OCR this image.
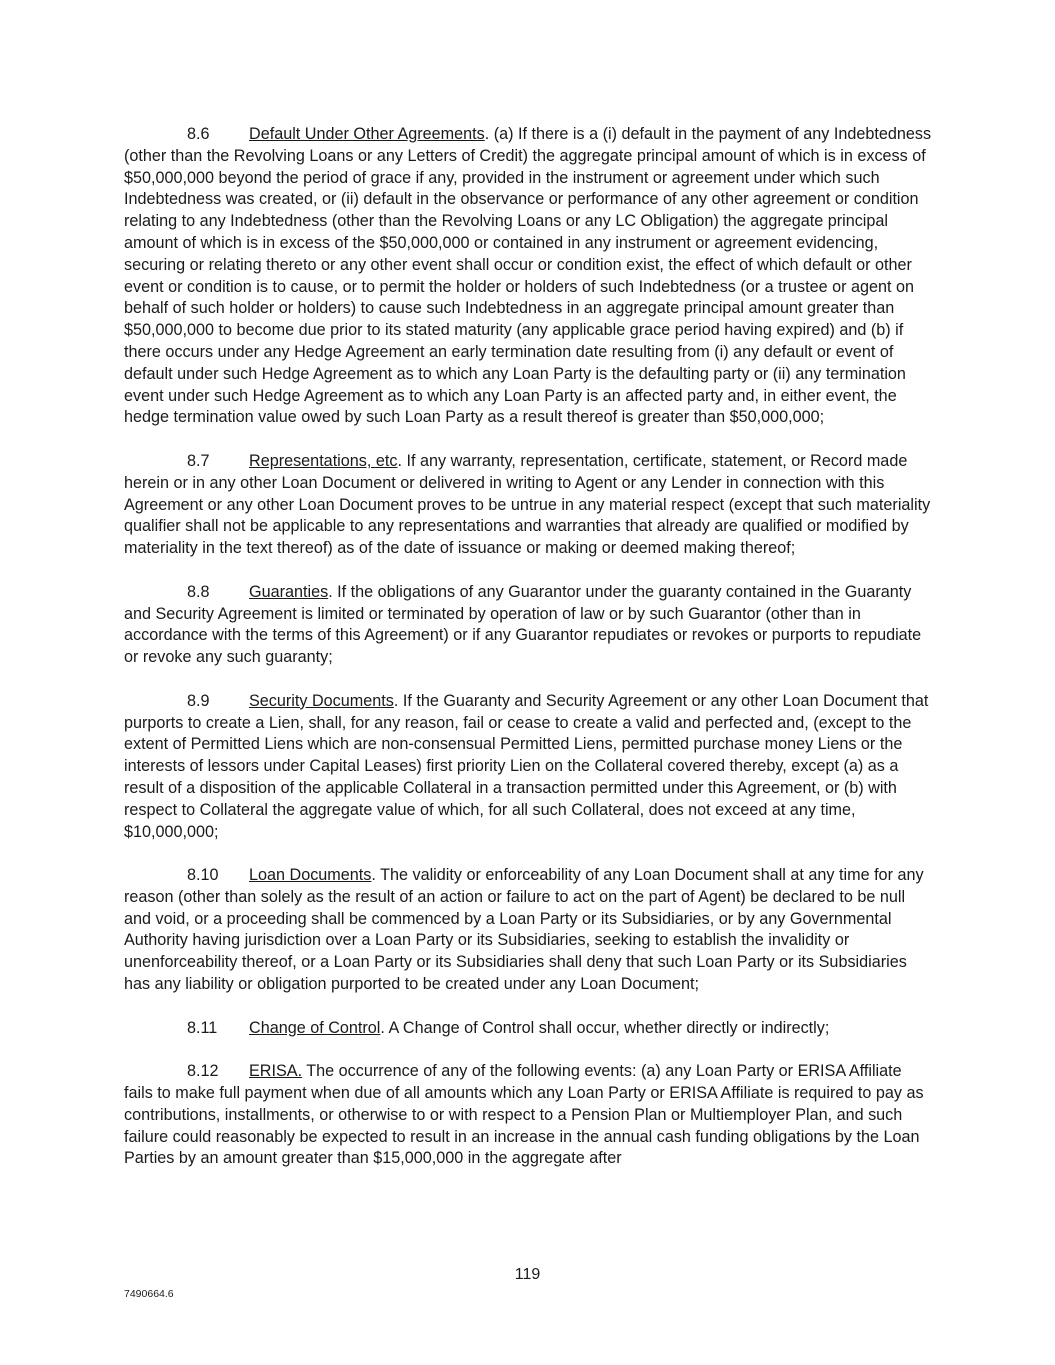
8.6 Default Under Other Agreements. (a) If there is a (i) default in the payment of any Indebtedness (other than the Revolving Loans or any Letters of Credit) the aggregate principal amount of which is in excess of $50,000,000 beyond the period of grace if any, provided in the instrument or agreement under which such Indebtedness was created, or (ii) default in the observance or performance of any other agreement or condition relating to any Indebtedness (other than the Revolving Loans or any LC Obligation) the aggregate principal amount of which is in excess of the $50,000,000 or contained in any instrument or agreement evidencing, securing or relating thereto or any other event shall occur or condition exist, the effect of which default or other event or condition is to cause, or to permit the holder or holders of such Indebtedness (or a trustee or agent on behalf of such holder or holders) to cause such Indebtedness in an aggregate principal amount greater than $50,000,000 to become due prior to its stated maturity (any applicable grace period having expired) and (b) if there occurs under any Hedge Agreement an early termination date resulting from (i) any default or event of default under such Hedge Agreement as to which any Loan Party is the defaulting party or (ii) any termination event under such Hedge Agreement as to which any Loan Party is an affected party and, in either event, the hedge termination value owed by such Loan Party as a result thereof is greater than $50,000,000;

8.7 Representations, etc. If any warranty, representation, certificate, statement, or Record made herein or in any other Loan Document or delivered in writing to Agent or any Lender in connection with this Agreement or any other Loan Document proves to be untrue in any material respect (except that such materiality qualifier shall not be applicable to any representations and warranties that already are qualified or modified by materiality in the text thereof) as of the date of issuance or making or deemed making thereof;

8.8 Guaranties. If the obligations of any Guarantor under the guaranty contained in the Guaranty and Security Agreement is limited or terminated by operation of law or by such Guarantor (other than in accordance with the terms of this Agreement) or if any Guarantor repudiates or revokes or purports to repudiate or revoke any such guaranty;

8.9 Security Documents. If the Guaranty and Security Agreement or any other Loan Document that purports to create a Lien, shall, for any reason, fail or cease to create a valid and perfected and, (except to the extent of Permitted Liens which are non-consensual Permitted Liens, permitted purchase money Liens or the interests of lessors under Capital Leases) first priority Lien on the Collateral covered thereby, except (a) as a result of a disposition of the applicable Collateral in a transaction permitted under this Agreement, or (b) with respect to Collateral the aggregate value of which, for all such Collateral, does not exceed at any time, $10,000,000;

8.10 Loan Documents. The validity or enforceability of any Loan Document shall at any time for any reason (other than solely as the result of an action or failure to act on the part of Agent) be declared to be null and void, or a proceeding shall be commenced by a Loan Party or its Subsidiaries, or by any Governmental Authority having jurisdiction over a Loan Party or its Subsidiaries, seeking to establish the invalidity or unenforceability thereof, or a Loan Party or its Subsidiaries shall deny that such Loan Party or its Subsidiaries has any liability or obligation purported to be created under any Loan Document;

8.11 Change of Control. A Change of Control shall occur, whether directly or indirectly;

8.12 ERISA. The occurrence of any of the following events: (a) any Loan Party or ERISA Affiliate fails to make full payment when due of all amounts which any Loan Party or ERISA Affiliate is required to pay as contributions, installments, or otherwise to or with respect to a Pension Plan or Multiemployer Plan, and such failure could reasonably be expected to result in an increase in the annual cash funding obligations by the Loan Parties by an amount greater than $15,000,000 in the aggregate after

119
7490664.6
